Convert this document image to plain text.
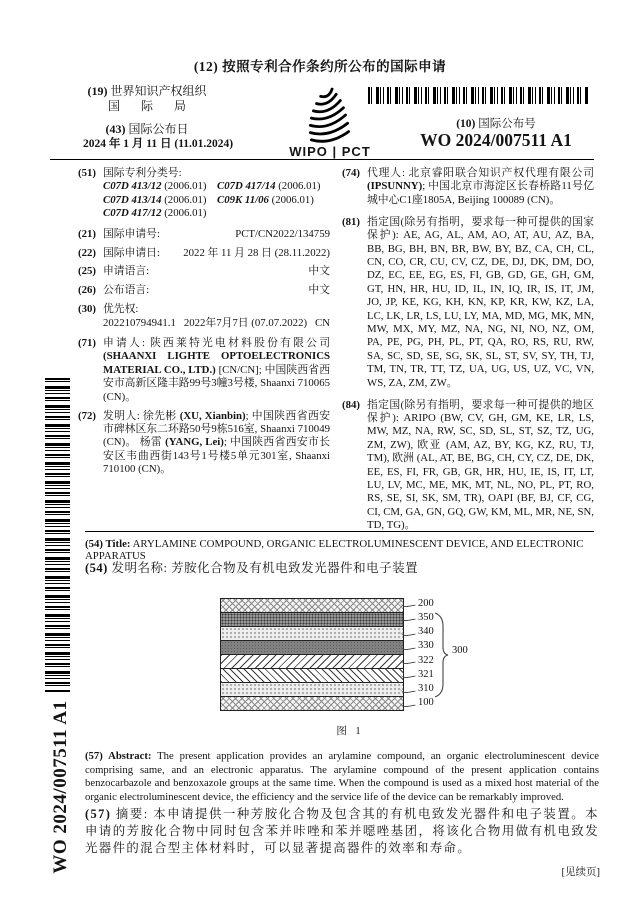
(12) 按照专利合作条约所公布的国际申请
(19) 世界知识产权组织
国 际 局
(43) 国际公布日
2024 年 1 月 11 日 (11.01.2024)	WIPO | PCT
(10) 国际公布号
WO 2024/007511 A1
(51) 国际专利分类号:
C07D 413/12 (2006.01) C07D 417/14 (2006.01)
C07D 413/14 (2006.01) C09K 11/06 (2006.01)
C07D 417/12 (2006.01)
(21) 国际申请号:	PCT/CN2022/134759
(22) 国际申请日: 2022 年 11 月 28 日 (28.11.2022)
(25) 申请语言:	中文
(26) 公布语言:	中文
(30) 优先权:
202210794941.1 2022年7月7日 (07.07.2022) CN
(71) 申请人: 陕西莱特光电材料股份有限公司 (SHAANXI LIGHTE OPTOELECTRONICS MATERIAL CO., LTD.) [CN/CN]; 中国陕西省西安市高新区隆丰路99号3幢3号楼, Shaanxi 710065 (CN)。
(72) 发明人: 徐先彬 (XU, Xianbin); 中国陕西省西安市碑林区东二环路50号9栋516室, Shaanxi 710049 (CN)。 杨雷 (YANG, Lei); 中国陕西省西安市长安区韦曲西街143号1号楼5单元301室, Shaanxi 710100 (CN)。
(74) 代理人: 北京睿阳联合知识产权代理有限公司 (IPSUNNY); 中国北京市海淀区长春桥路11号亿城中心C1座1805A, Beijing 100089 (CN)。
(81) 指定国(除另有指明，要求每一种可提供的国家保护): AE, AG, AL, AM, AO, AT, AU, AZ, BA, BB, BG, BH, BN, BR, BW, BY, BZ, CA, CH, CL, CN, CO, CR, CU, CV, CZ, DE, DJ, DK, DM, DO, DZ, EC, EE, EG, ES, FI, GB, GD, GE, GH, GM, GT, HN, HR, HU, ID, IL, IN, IQ, IR, IS, IT, JM, JO, JP, KE, KG, KH, KN, KP, KR, KW, KZ, LA, LC, LK, LR, LS, LU, LY, MA, MD, MG, MK, MN, MW, MX, MY, MZ, NA, NG, NI, NO, NZ, OM, PA, PE, PG, PH, PL, PT, QA, RO, RS, RU, RW, SA, SC, SD, SE, SG, SK, SL, ST, SV, SY, TH, TJ, TM, TN, TR, TT, TZ, UA, UG, US, UZ, VC, VN, WS, ZA, ZM, ZW。
(84) 指定国(除另有指明，要求每一种可提供的地区保护): ARIPO (BW, CV, GH, GM, KE, LR, LS, MW, MZ, NA, RW, SC, SD, SL, ST, SZ, TZ, UG, ZM, ZW), 欧亚 (AM, AZ, BY, KG, KZ, RU, TJ, TM), 欧洲 (AL, AT, BE, BG, CH, CY, CZ, DE, DK, EE, ES, FI, FR, GB, GR, HR, HU, IE, IS, IT, LT, LU, LV, MC, ME, MK, MT, NL, NO, PL, PT, RO, RS, SE, SI, SK, SM, TR), OAPI (BF, BJ, CF, CG, CI, CM, GA, GN, GQ, GW, KM, ML, MR, NE, SN, TD, TG)。
(54) Title: ARYLAMINE COMPOUND, ORGANIC ELECTROLUMINESCENT DEVICE, AND ELECTRONIC APPARATUS
(54) 发明名称: 芳胺化合物及有机电致发光器件和电子装置
200
350
340
330
322
321
310
100
300
图 1
(57) Abstract: The present application provides an arylamine compound, an organic electroluminescent device comprising same, and an electronic apparatus. The arylamine compound of the present application contains benzocarbazole and benzoxazole groups at the same time. When the compound is used as a mixed host material of the organic electroluminescent device, the efficiency and the service life of the device can be remarkably improved.
(57) 摘要: 本申请提供一种芳胺化合物及包含其的有机电致发光器件和电子装置。本申请的芳胺化合物中同时包含苯并咔唑和苯并噁唑基团，将该化合物用做有机电致发光器件的混合型主体材料时，可以显著提高器件的效率和寿命。
[见续页]
WO 2024/007511 A1
